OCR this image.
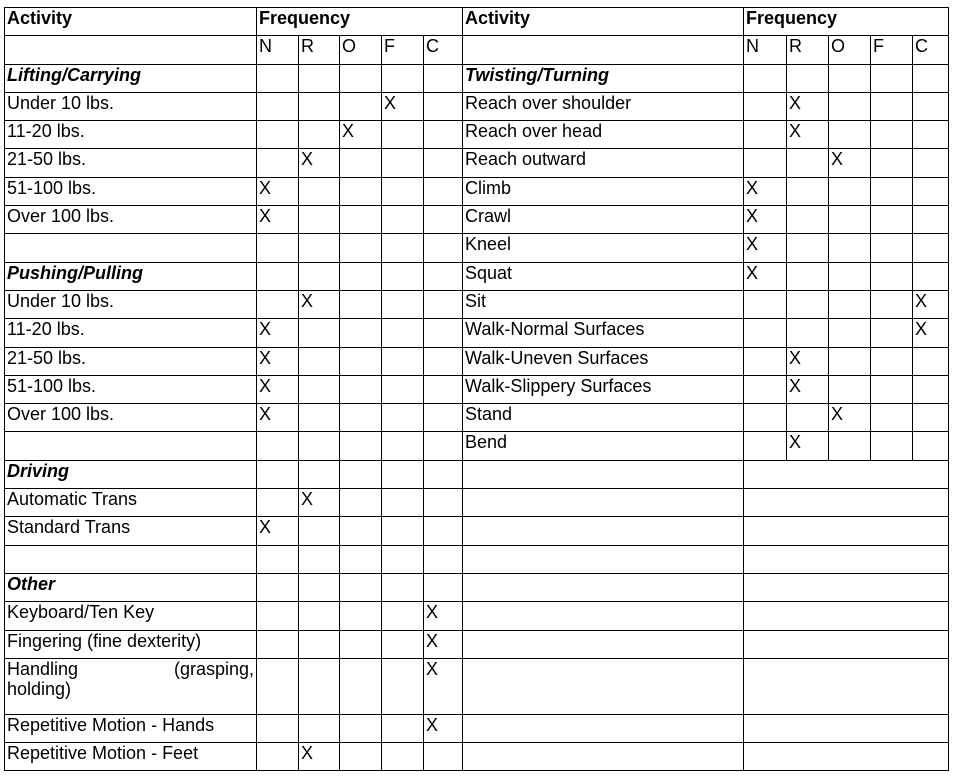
Activity	Frequency					Activity	Frequency				
	N	R	O	F	C		N	R	O	F	C
Lifting/Carrying						Twisting/Turning					
Under 10 lbs.				X		Reach over shoulder		X			
11-20 lbs.			X			Reach over head		X			
21-50 lbs.		X				Reach outward			X		
51-100 lbs.	X					Climb	X				
Over 100 lbs.	X					Crawl	X				
						Kneel	X				
Pushing/Pulling						Squat	X				
Under 10 lbs.		X				Sit					X
11-20 lbs.	X					Walk-Normal Surfaces					X
21-50 lbs.	X					Walk-Uneven Surfaces		X			
51-100 lbs.	X					Walk-Slippery Surfaces		X			
Over 100 lbs.	X					Stand			X		
						Bend		X			
Driving											
Automatic Trans		X									
Standard Trans	X										

Other											
Keyboard/Ten Key					X						
Fingering (fine dexterity)					X						

Handling (grasping,
holding)					X						
Repetitive Motion - Hands					X						
Repetitive Motion - Feet		X									
